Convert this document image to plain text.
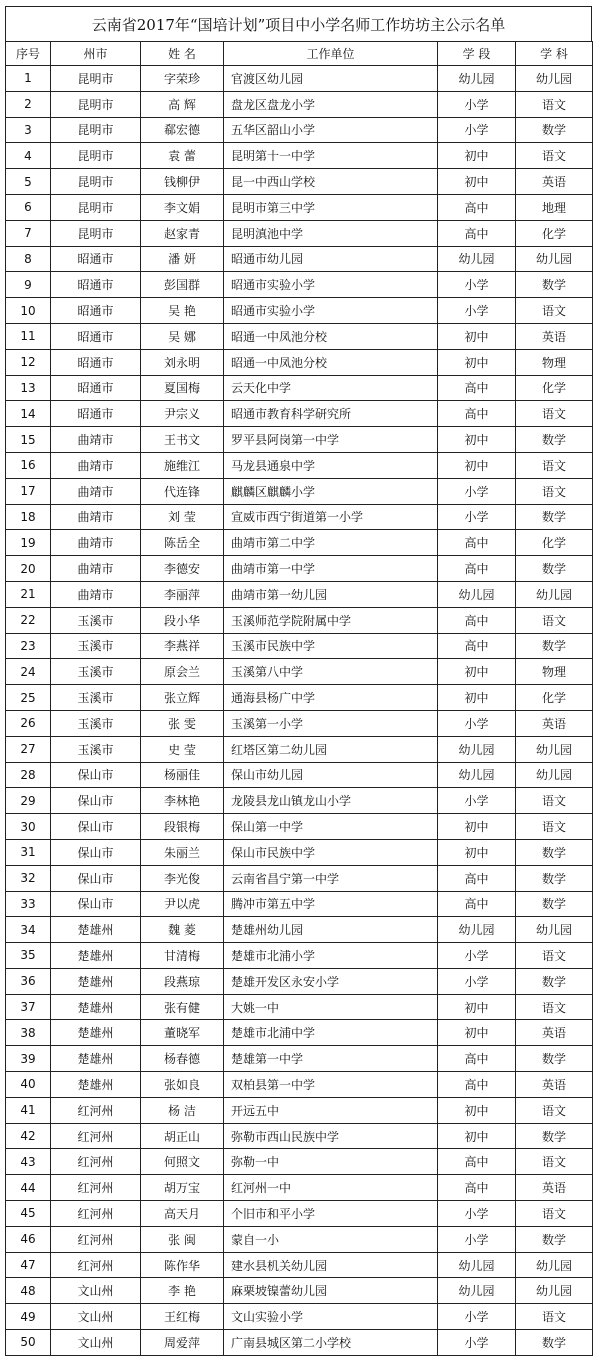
云南省2017年“国培计划”项目中小学名师工作坊坊主公示名单
序号	州市	姓 名	工作单位	学 段	学 科
1	昆明市	字荣珍	官渡区幼儿园	幼儿园	幼儿园
2	昆明市	高 辉	盘龙区盘龙小学	小学	语文
3	昆明市	郗宏德	五华区韶山小学	小学	数学
4	昆明市	袁 蕾	昆明第十一中学	初中	语文
5	昆明市	钱柳伊	昆一中西山学校	初中	英语
6	昆明市	李文娟	昆明市第三中学	高中	地理
7	昆明市	赵家青	昆明滇池中学	高中	化学
8	昭通市	潘 妍	昭通市幼儿园	幼儿园	幼儿园
9	昭通市	彭国群	昭通市实验小学	小学	数学
10	昭通市	吴 艳	昭通市实验小学	小学	语文
11	昭通市	吴 娜	昭通一中凤池分校	初中	英语
12	昭通市	刘永明	昭通一中凤池分校	初中	物理
13	昭通市	夏国梅	云天化中学	高中	化学
14	昭通市	尹宗义	昭通市教育科学研究所	高中	语文
15	曲靖市	王书文	罗平县阿岗第一中学	初中	数学
16	曲靖市	施维江	马龙县通泉中学	初中	语文
17	曲靖市	代连锋	麒麟区麒麟小学	小学	语文
18	曲靖市	刘 莹	宣威市西宁街道第一小学	小学	数学
19	曲靖市	陈岳全	曲靖市第二中学	高中	化学
20	曲靖市	李德安	曲靖市第一中学	高中	数学
21	曲靖市	李丽萍	曲靖市第一幼儿园	幼儿园	幼儿园
22	玉溪市	段小华	玉溪师范学院附属中学	高中	语文
23	玉溪市	李燕祥	玉溪市民族中学	高中	数学
24	玉溪市	原会兰	玉溪第八中学	初中	物理
25	玉溪市	张立辉	通海县杨广中学	初中	化学
26	玉溪市	张 雯	玉溪第一小学	小学	英语
27	玉溪市	史 莹	红塔区第二幼儿园	幼儿园	幼儿园
28	保山市	杨丽佳	保山市幼儿园	幼儿园	幼儿园
29	保山市	李林艳	龙陵县龙山镇龙山小学	小学	语文
30	保山市	段银梅	保山第一中学	初中	语文
31	保山市	朱丽兰	保山市民族中学	初中	数学
32	保山市	李光俊	云南省昌宁第一中学	高中	数学
33	保山市	尹以虎	腾冲市第五中学	高中	数学
34	楚雄州	魏 菱	楚雄州幼儿园	幼儿园	幼儿园
35	楚雄州	甘清梅	楚雄市北浦小学	小学	语文
36	楚雄州	段燕琼	楚雄开发区永安小学	小学	数学
37	楚雄州	张有健	大姚一中	初中	语文
38	楚雄州	董晓军	楚雄市北浦中学	初中	英语
39	楚雄州	杨春德	楚雄第一中学	高中	数学
40	楚雄州	张如良	双柏县第一中学	高中	英语
41	红河州	杨 洁	开远五中	初中	语文
42	红河州	胡正山	弥勒市西山民族中学	初中	数学
43	红河州	何照文	弥勒一中	高中	语文
44	红河州	胡万宝	红河州一中	高中	英语
45	红河州	高天月	个旧市和平小学	小学	语文
46	红河州	张 闽	蒙自一小	小学	数学
47	红河州	陈作华	建水县机关幼儿园	幼儿园	幼儿园
48	文山州	李 艳	麻栗坡镍蕾幼儿园	幼儿园	幼儿园
49	文山州	王红梅	文山实验小学	小学	语文
50	文山州	周爱萍	广南县城区第二小学校	小学	数学
